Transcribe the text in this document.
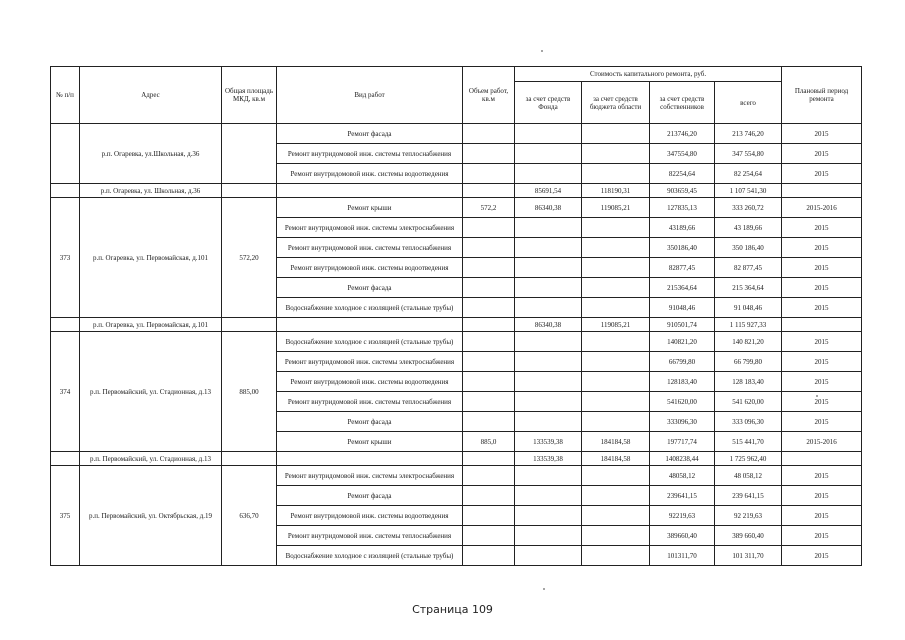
№ п/п	Адрес	Общая площадь МКД, кв.м	Вид работ	Объем работ, кв.м	Стоимость капитального ремонта, руб.				Плановый период ремонта
					за счет средств Фонда	за счет средств бюджета области	за счет средств собственников	всего	
	р.п. Огаревка, ул.Школьная, д.36		Ремонт фасада				213746,20	213 746,20	2015
			Ремонт внутридомовой инж. системы теплоснабжения				347554,80	347 554,80	2015
			Ремонт внутридомовой инж. системы водоотведения				82254,64	82 254,64	2015
	р.п. Огаревка, ул. Школьная, д.36				85691,54	118190,31	903659,45	1 107 541,30	
373	р.п. Огаревка, ул. Первомайская, д.101	572,20	Ремонт крыши	572,2	86340,38	119085,21	127835,13	333 260,72	2015-2016
			Ремонт внутридомовой инж. системы электроснабжения				43189,66	43 189,66	2015
			Ремонт внутридомовой инж. системы теплоснабжения				350186,40	350 186,40	2015
			Ремонт внутридомовой инж. системы водоотведения				82877,45	82 877,45	2015
			Ремонт фасада				215364,64	215 364,64	2015
			Водоснабжение холодное с изоляцией (стальные трубы)				91048,46	91 048,46	2015
	р.п. Огаревка, ул. Первомайская, д.101				86340,38	119085,21	910501,74	1 115 927,33	
374	р.п. Первомайский, ул. Стадионная, д.13	885,00	Водоснабжение холодное с изоляцией (стальные трубы)				140821,20	140 821,20	2015
			Ремонт внутридомовой инж. системы электроснабжения				66799,80	66 799,80	2015
			Ремонт внутридомовой инж. системы водоотведения				128183,40	128 183,40	2015
			Ремонт внутридомовой инж. системы теплоснабжения				541620,00	541 620,00	2015
			Ремонт фасада				333096,30	333 096,30	2015
			Ремонт крыши	885,0	133539,38	184184,58	197717,74	515 441,70	2015-2016
	р.п. Первомайский, ул. Стадионная, д.13				133539,38	184184,58	1408238,44	1 725 962,40	
375	р.п. Первомайский, ул. Октябрьская, д.19	636,70	Ремонт внутридомовой инж. системы электроснабжения				48058,12	48 058,12	2015
			Ремонт фасада				239641,15	239 641,15	2015
			Ремонт внутридомовой инж. системы водоотведения				92219,63	92 219,63	2015
			Ремонт внутридомовой инж. системы теплоснабжения				389660,40	389 660,40	2015
			Водоснабжение холодное с изоляцией (стальные трубы)				101311,70	101 311,70	2015
Страница 109
